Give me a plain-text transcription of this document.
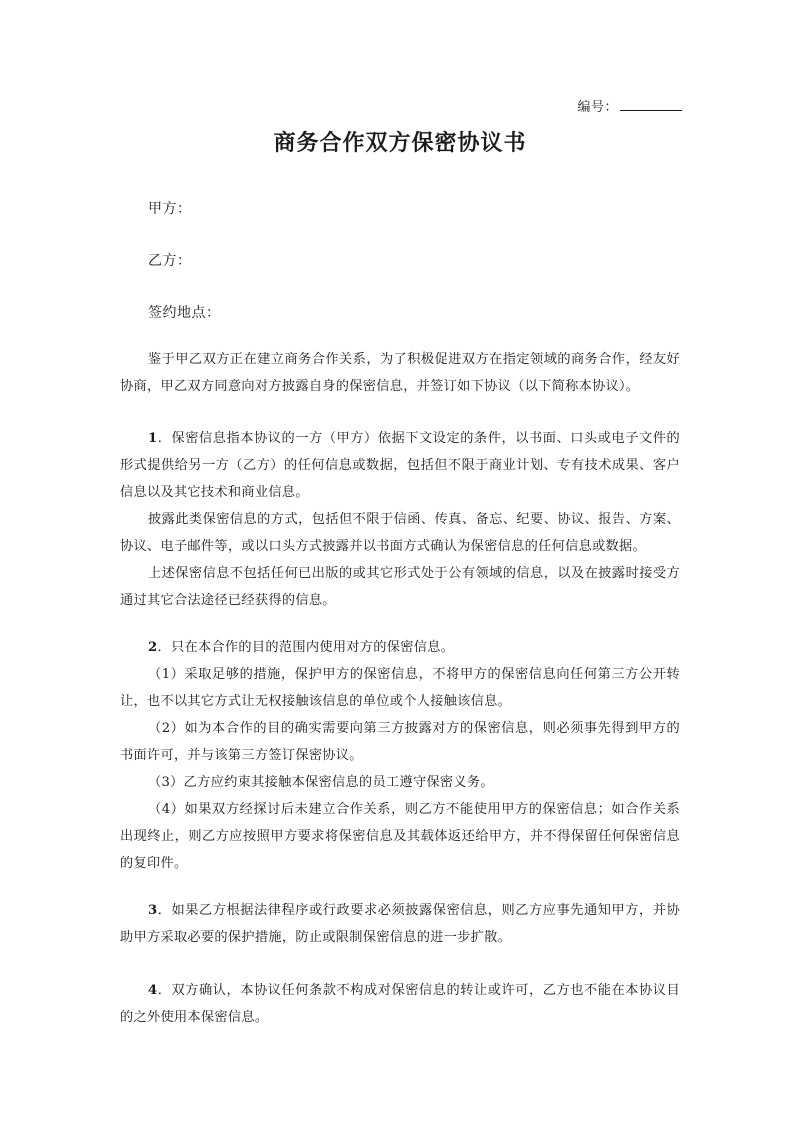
编号：
商务合作双方保密协议书
甲方：
乙方：
签约地点：

鉴于甲乙双方正在建立商务合作关系，为了积极促进双方在指定领域的商务合作，经友好协商，甲乙双方同意向对方披露自身的保密信息，并签订如下协议（以下简称本协议）。

1．保密信息指本协议的一方（甲方）依据下文设定的条件，以书面、口头或电子文件的形式提供给另一方（乙方）的任何信息或数据，包括但不限于商业计划、专有技术成果、客户信息以及其它技术和商业信息。

披露此类保密信息的方式，包括但不限于信函、传真、备忘、纪要、协议、报告、方案、协议、电子邮件等，或以口头方式披露并以书面方式确认为保密信息的任何信息或数据。

上述保密信息不包括任何已出版的或其它形式处于公有领域的信息，以及在披露时接受方通过其它合法途径已经获得的信息。

2．只在本合作的目的范围内使用对方的保密信息。

（1）采取足够的措施，保护甲方的保密信息，不将甲方的保密信息向任何第三方公开转让，也不以其它方式让无权接触该信息的单位或个人接触该信息。

（2）如为本合作的目的确实需要向第三方披露对方的保密信息，则必须事先得到甲方的书面许可，并与该第三方签订保密协议。

（3）乙方应约束其接触本保密信息的员工遵守保密义务。

（4）如果双方经探讨后未建立合作关系，则乙方不能使用甲方的保密信息；如合作关系出现终止，则乙方应按照甲方要求将保密信息及其载体返还给甲方，并不得保留任何保密信息的复印件。

3．如果乙方根据法律程序或行政要求必须披露保密信息，则乙方应事先通知甲方，并协助甲方采取必要的保护措施，防止或限制保密信息的进一步扩散。

4．双方确认，本协议任何条款不构成对保密信息的转让或许可，乙方也不能在本协议目的之外使用本保密信息。
